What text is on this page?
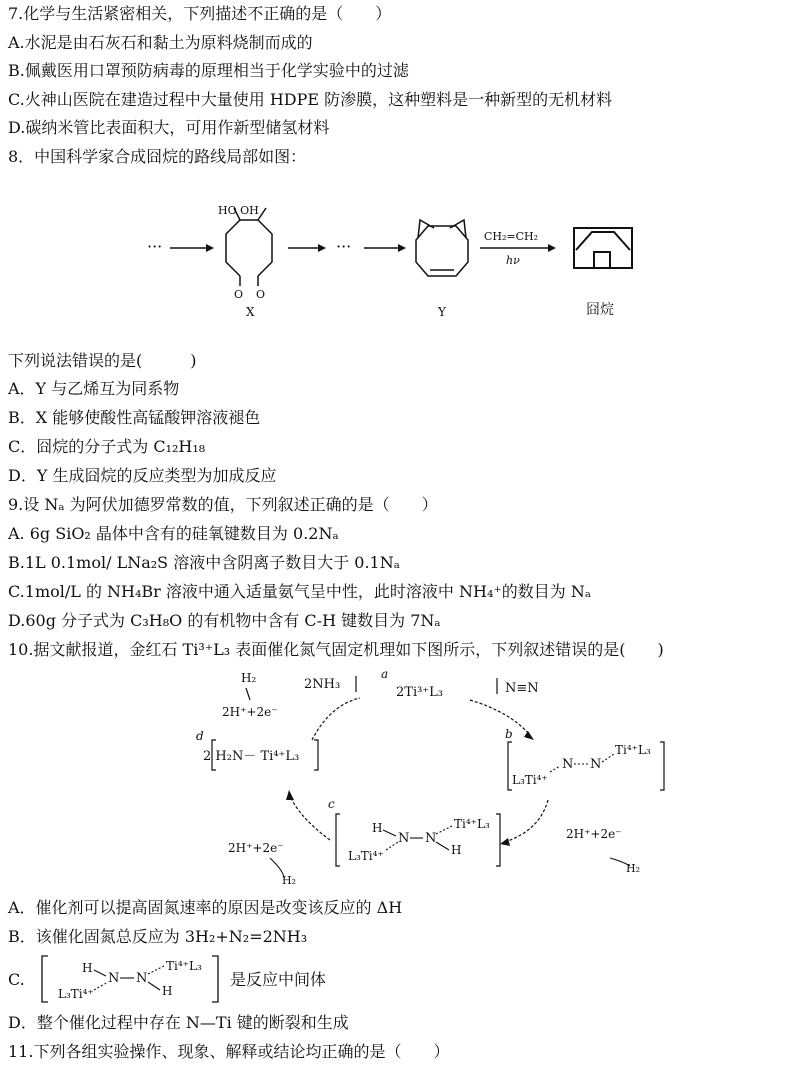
7.化学与生活紧密相关，下列描述不正确的是（　　）
A.水泥是由石灰石和黏土为原料烧制而成的
B.佩戴医用口罩预防病毒的原理相当于化学实验中的过滤
C.火神山医院在建造过程中大量使用 HDPE 防渗膜，这种塑料是一种新型的无机材料
D.碳纳米管比表面积大，可用作新型储氢材料
8．中国科学家合成囧烷的路线局部如图：
···
HO OH
O O
X
···
Y
CH₂=CH₂
hν
囧烷
下列说法错误的是(　　　)
A．Y 与乙烯互为同系物
B．X 能够使酸性高锰酸钾溶液褪色
C．囧烷的分子式为 C₁₂H₁₈
D．Y 生成囧烷的反应类型为加成反应
9.设 Nₐ 为阿伏加德罗常数的值，下列叙述正确的是（　　）
A. 6g SiO₂ 晶体中含有的硅氧键数目为 0.2Nₐ
B.1L 0.1mol/ LNa₂S 溶液中含阴离子数目大于 0.1Nₐ
C.1mol/L 的 NH₄Br 溶液中通入适量氨气呈中性，此时溶液中 NH₄⁺的数目为 Nₐ
D.60g 分子式为 C₃H₈O 的有机物中含有 C-H 键数目为 7Nₐ
10.据文献报道，金红石 Ti³⁺L₃ 表面催化氮气固定机理如下图所示，下列叙述错误的是(　　)
H₂
2H⁺+2e⁻
2NH₃
a
2Ti³⁺L₃	N≡N
d
2 H₂N－ Ti⁴⁺L₃
b
L₃Ti⁴⁺
N N
Ti⁴⁺L₃
c
H
N N
H
L₃Ti⁴⁺
Ti⁴⁺L₃
2H⁺+2e⁻
H₂
2H⁺+2e⁻
H₂
A．催化剂可以提高固氮速率的原因是改变该反应的 ΔH
B．该催化固氮总反应为 3H₂+N₂=2NH₃
C.
H
N N
H
L₃Ti⁴⁺
Ti⁴⁺L₃
是反应中间体
D．整个催化过程中存在 N—Ti 键的断裂和生成
11.下列各组实验操作、现象、解释或结论均正确的是（　　）
